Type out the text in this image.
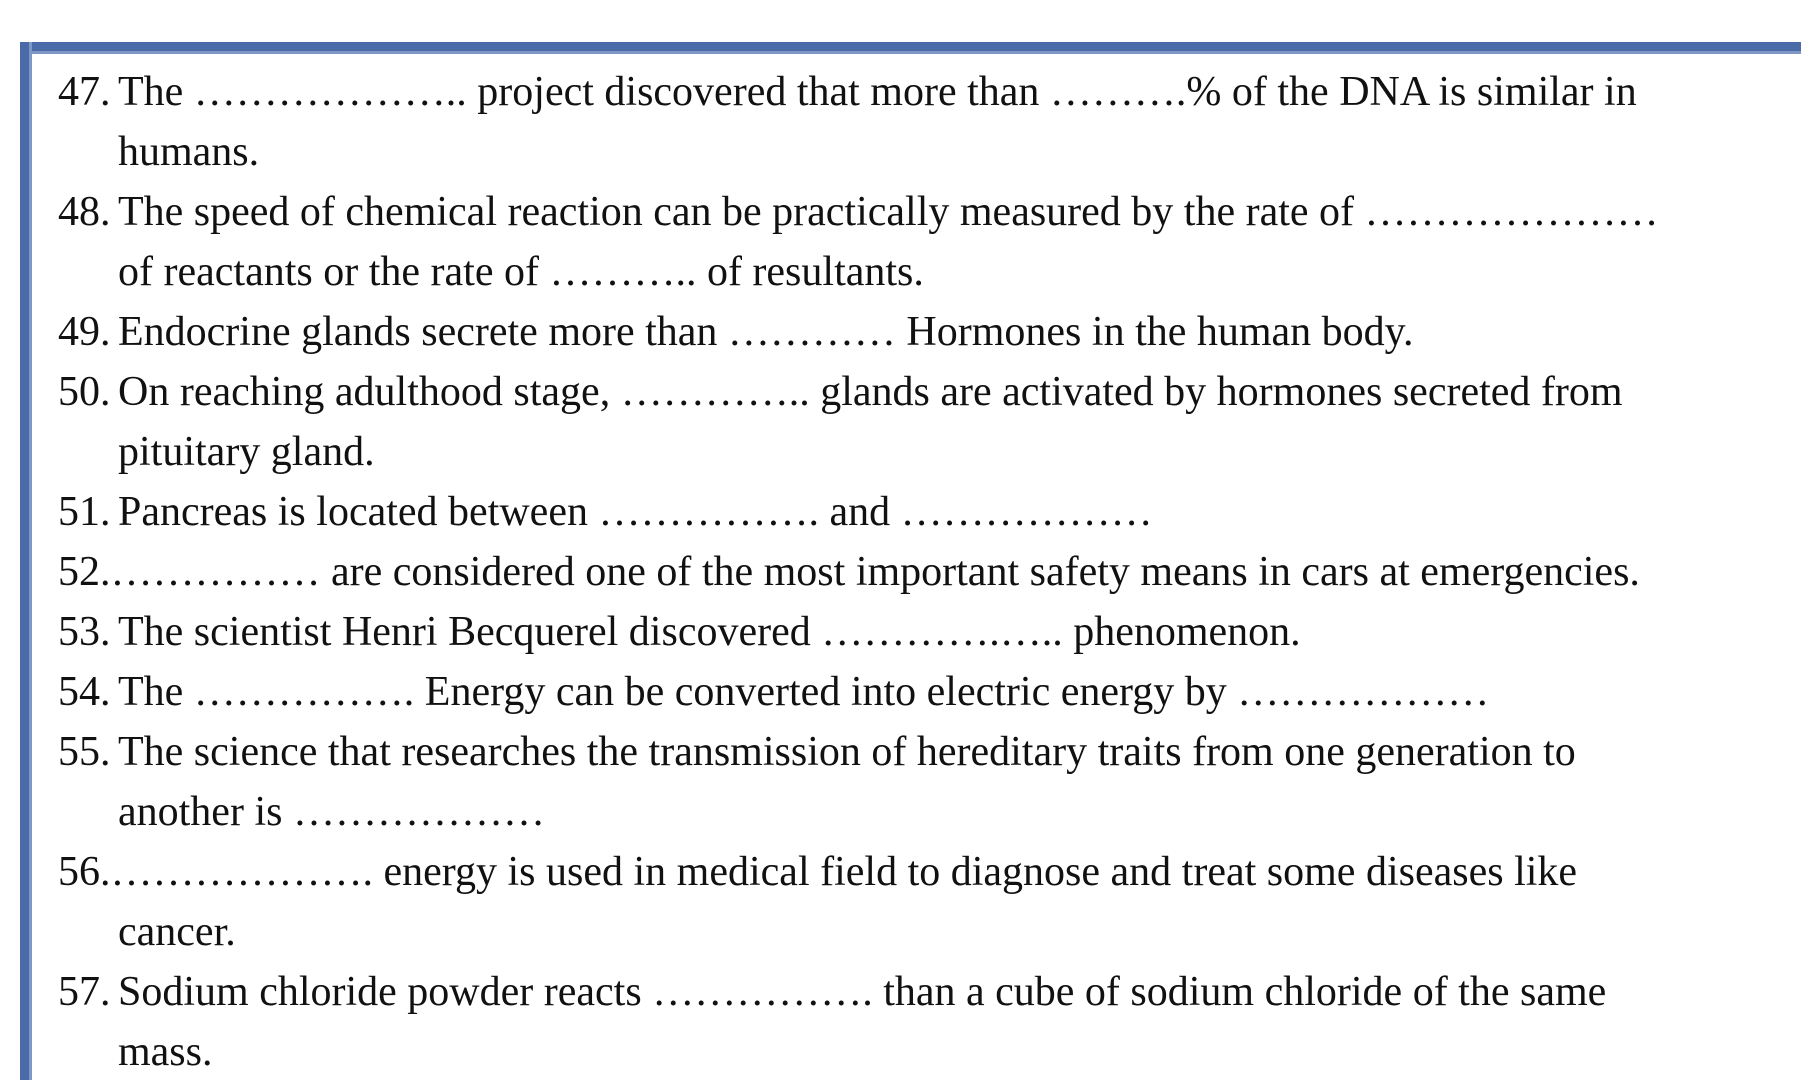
47. The ……………….. project discovered that more than ……….% of the DNA is similar in
humans.
48. The speed of chemical reaction can be practically measured by the rate of …………………
of reactants or the rate of ……….. of resultants.
49. Endocrine glands secrete more than ………… Hormones in the human body.
50. On reaching adulthood stage, ………….. glands are activated by hormones secreted from
pituitary gland.
51. Pancreas is located between ……………. and ………………
52.…………… are considered one of the most important safety means in cars at emergencies.
53. The scientist Henri Becquerel discovered ………….….. phenomenon.
54. The ……………. Energy can be converted into electric energy by ………………
55. The science that researches the transmission of hereditary traits from one generation to
another is ………………
56.………………. energy is used in medical field to diagnose and treat some diseases like
cancer.
57. Sodium chloride powder reacts ……………. than a cube of sodium chloride of the same
mass.
